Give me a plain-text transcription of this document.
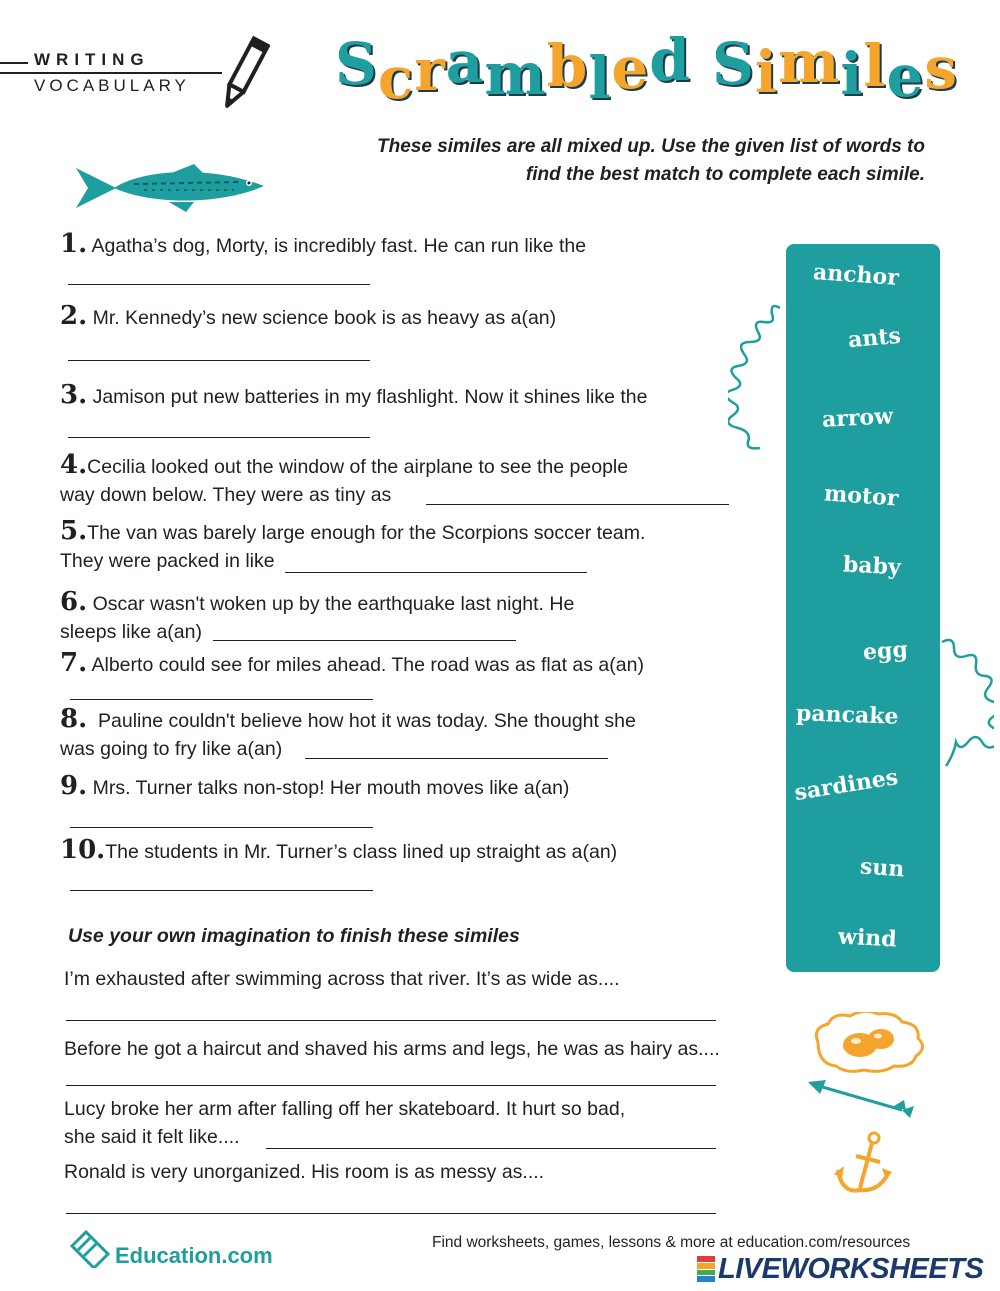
WRITING
VOCABULARY	Scrambled Similes
These similes are all mixed up. Use the given list of words to
find the best match to complete each simile.
1. Agatha’s dog, Morty, is incredibly fast. He can run like the
2. Mr. Kennedy’s new science book is as heavy as a(an)
3. Jamison put new batteries in my flashlight. Now it shines like the
4.Cecilia looked out the window of the airplane to see the people
way down below. They were as tiny as
5.The van was barely large enough for the Scorpions soccer team.
They were packed in like
6. Oscar wasn't woken up by the earthquake last night. He
sleeps like a(an)
7. Alberto could see for miles ahead. The road was as flat as a(an)
8. Pauline couldn't believe how hot it was today. She thought she
was going to fry like a(an)
9. Mrs. Turner talks non-stop! Her mouth moves like a(an)
10.The students in Mr. Turner’s class lined up straight as a(an)
Use your own imagination to finish these similes
I’m exhausted after swimming across that river. It’s as wide as....
Before he got a haircut and shaved his arms and legs, he was as hairy as....
Lucy broke her arm after falling off her skateboard. It hurt so bad,
she said it felt like....
Ronald is very unorganized. His room is as messy as....
anchor
ants
arrow
motor
baby
egg
pancake
sardines
sun
wind
Education.com
Find worksheets, games, lessons & more at education.com/resources
LIVEWORKSHEETS
